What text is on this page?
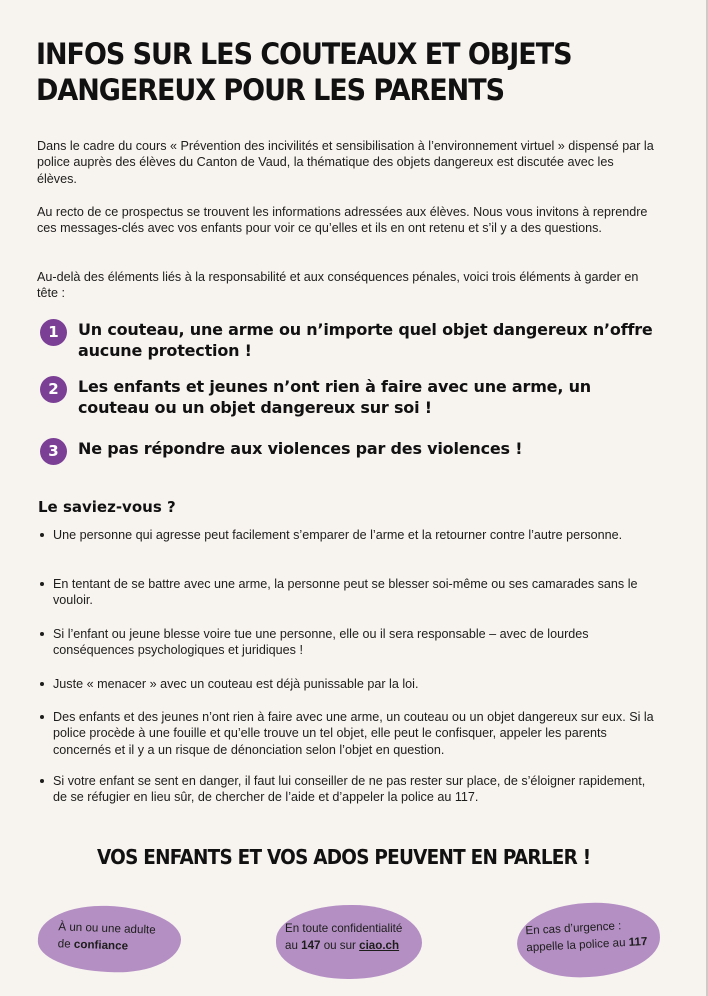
INFOS SUR LES COUTEAUX ET OBJETS DANGEREUX POUR LES PARENTS

Dans le cadre du cours « Prévention des incivilités et sensibilisation à l’environnement virtuel » dispensé par la police auprès des élèves du Canton de Vaud, la thématique des objets dangereux est discutée avec les élèves.

Au recto de ce prospectus se trouvent les informations adressées aux élèves. Nous vous invitons à reprendre ces messages-clés avec vos enfants pour voir ce qu’elles et ils en ont retenu et s’il y a des questions.

Au-delà des éléments liés à la responsabilité et aux conséquences pénales, voici trois éléments à garder en tête :

1	Un couteau, une arme ou n’importe quel objet dangereux n’offre aucune protection !
2	Les enfants et jeunes n’ont rien à faire avec une arme, un couteau ou un objet dangereux sur soi !
3	Ne pas répondre aux violences par des violences !
Le saviez-vous ?
Une personne qui agresse peut facilement s’emparer de l’arme et la retourner contre l’autre personne.
En tentant de se battre avec une arme, la personne peut se blesser soi-même ou ses camarades sans le vouloir.
Si l’enfant ou jeune blesse voire tue une personne, elle ou il sera responsable – avec de lourdes conséquences psychologiques et juridiques !
Juste « menacer » avec un couteau est déjà punissable par la loi.
Des enfants et des jeunes n’ont rien à faire avec une arme, un couteau ou un objet dangereux sur eux. Si la police procède à une fouille et qu’elle trouve un tel objet, elle peut le confisquer, appeler les parents concernés et il y a un risque de dénonciation selon l’objet en question.
Si votre enfant se sent en danger, il faut lui conseiller de ne pas rester sur place, de s’éloigner rapidement, de se réfugier en lieu sûr, de chercher de l’aide et d’appeler la police au 117.
VOS ENFANTS ET VOS ADOS PEUVENT EN PARLER !
À un ou une adulte
de confiance
En toute confidentialité
au 147 ou sur ciao.ch
En cas d’urgence :
appelle la police au 117
